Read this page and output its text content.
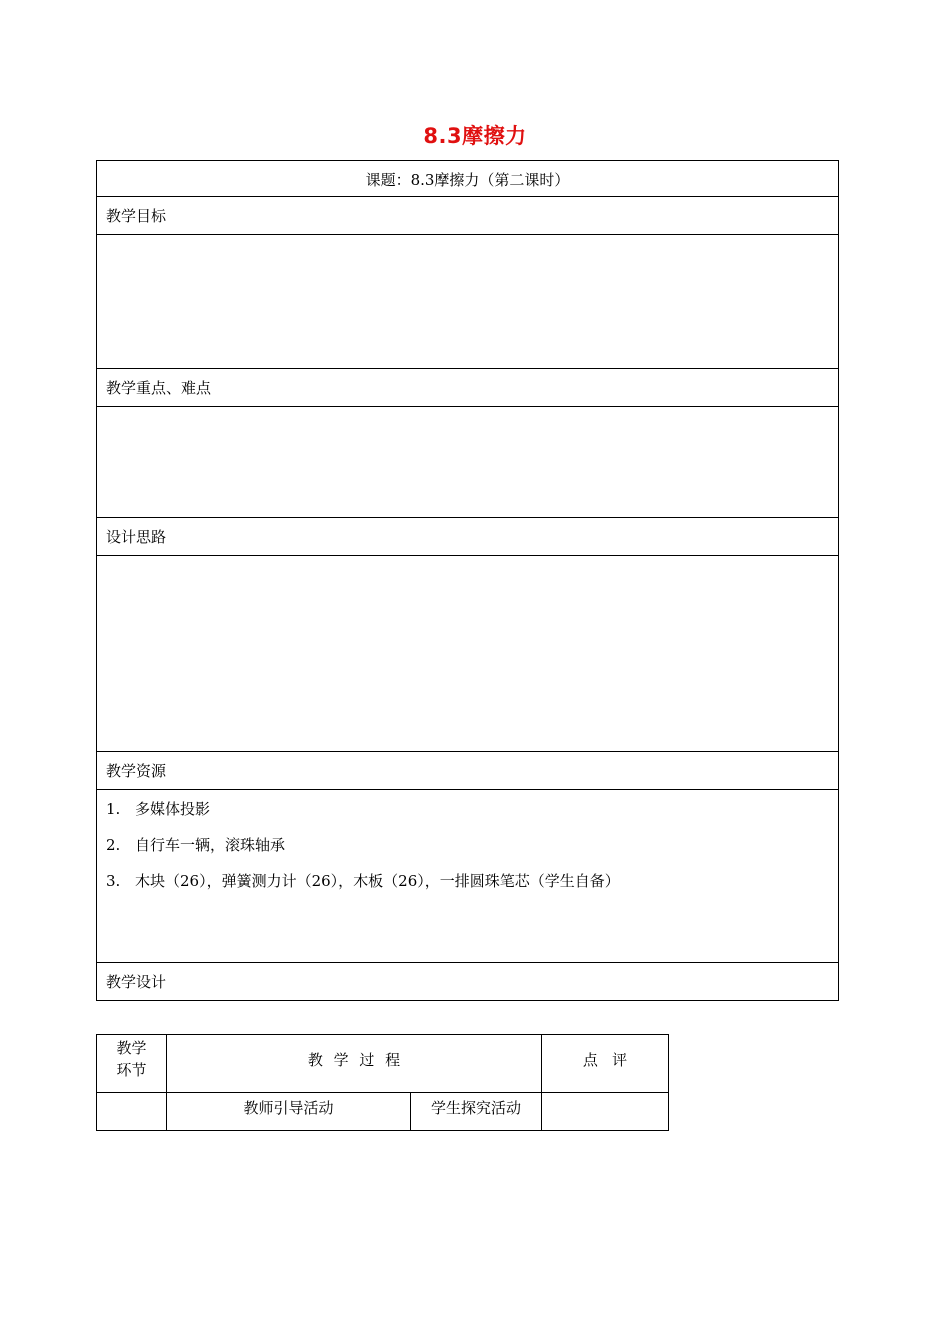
8.3摩擦力
课题：8.3摩擦力（第二课时）
教学目标

教学重点、难点

设计思路

教学资源

1. 多媒体投影
2. 自行车一辆，滚珠轴承
3. 木块（26），弹簧测力计（26），木板（26），一排圆珠笔芯（学生自备）

教学设计
教学
环节	教 学 过 程		点   评
	教师引导活动	学生探究活动	
